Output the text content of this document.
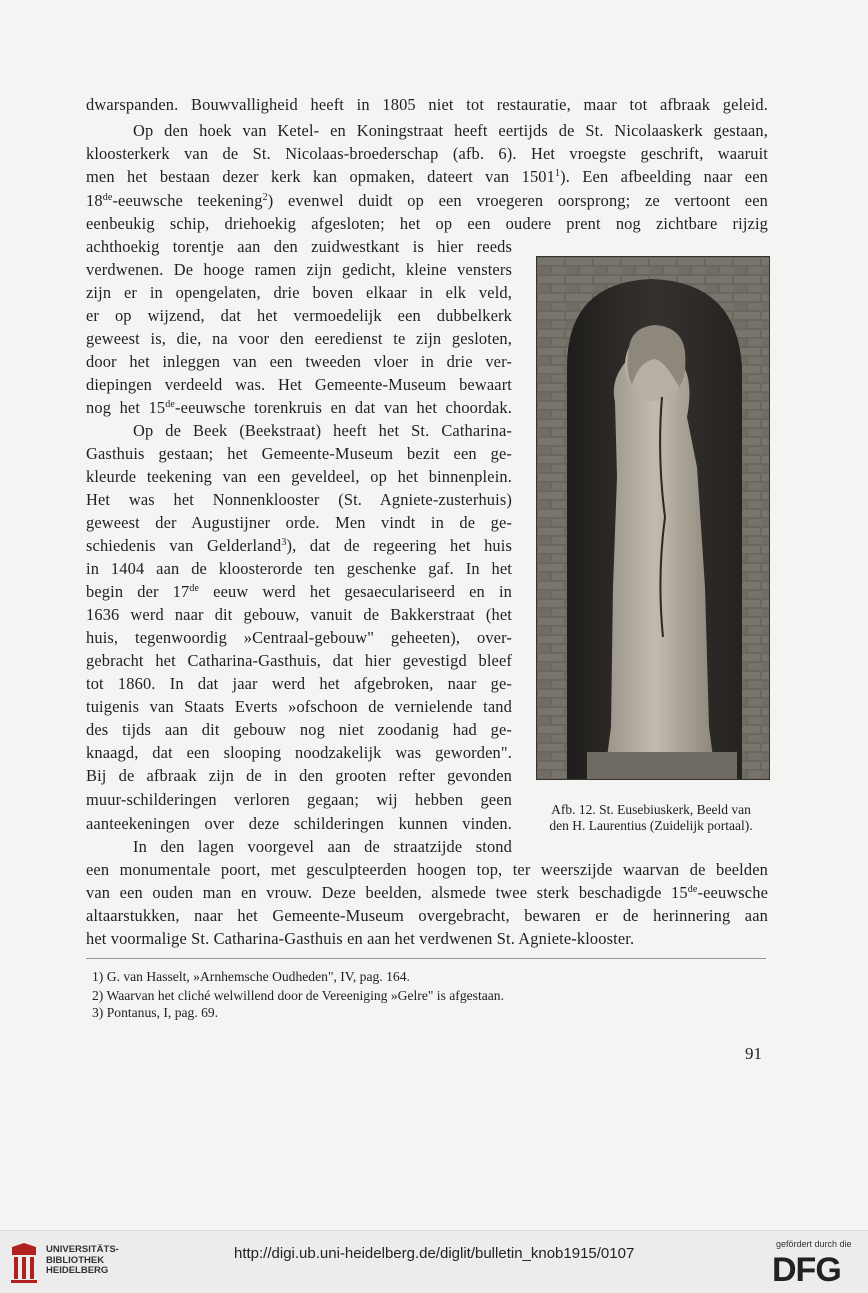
dwarspanden. Bouwvalligheid heeft in 1805 niet tot restauratie, maar tot afbraak geleid.
Op den hoek van Ketel- en Koningstraat heeft eertijds de St. Nicolaaskerk gestaan,
kloosterkerk van de St. Nicolaas-broederschap (afb. 6). Het vroegste geschrift, waaruit
men het bestaan dezer kerk kan opmaken, dateert van 1501$^1$). Een afbeelding naar een
18de-eeuwsche teekening$^2$) evenwel duidt op een vroegeren oorsprong; ze vertoont een
eenbeukig schip, driehoekig afgesloten; het op een oudere prent nog zichtbare rijzig
achthoekig torentje aan den zuidwestkant is hier reeds
verdwenen. De hooge ramen zijn gedicht, kleine vensters
zijn er in opengelaten, drie boven elkaar in elk veld,
er op wijzend, dat het vermoedelijk een dubbelkerk
geweest is, die, na voor den eeredienst te zijn gesloten,
door het inleggen van een tweeden vloer in drie ver-
diepingen verdeeld was. Het Gemeente-Museum bewaart
nog het 15de-eeuwsche torenkruis en dat van het choordak.
Op de Beek (Beekstraat) heeft het St. Catharina-
Gasthuis gestaan; het Gemeente-Museum bezit een ge-
kleurde teekening van een geveldeel, op het binnenplein.
Het was het Nonnenklooster (St. Agniete-zusterhuis)
geweest der Augustijner orde. Men vindt in de ge-
schiedenis van Gelderland$^3$), dat de regeering het huis
in 1404 aan de kloosterorde ten geschenke gaf. In het
begin der 17de eeuw werd het gesaeculariseerd en in
1636 werd naar dit gebouw, vanuit de Bakkerstraat (het
huis, tegenwoordig »Centraal-gebouw" geheeten), over-
gebracht het Catharina-Gasthuis, dat hier gevestigd bleef
tot 1860. In dat jaar werd het afgebroken, naar ge-
tuigenis van Staats Everts »ofschoon de vernielende tand
des tijds aan dit gebouw nog niet zoodanig had ge-
knaagd, dat een slooping noodzakelijk was geworden".
Bij de afbraak zijn de in den grooten refter gevonden
muur-schilderingen verloren gegaan; wij hebben geen
aanteekeningen over deze schilderingen kunnen vinden.
In den lagen voorgevel aan de straatzijde stond
een monumentale poort, met gesculpteerden hoogen top, ter weerszijde waarvan de beelden
van een ouden man en vrouw. Deze beelden, alsmede twee sterk beschadigde 15de-eeuwsche
altaarstukken, naar het Gemeente-Museum overgebracht, bewaren er de herinnering aan
het voormalige St. Catharina-Gasthuis en aan het verdwenen St. Agniete-klooster.
Afb. 12. St. Eusebiuskerk, Beeld van
den H. Laurentius (Zuidelijk portaal).
1) G. van Hasselt, »Arnhemsche Oudheden", IV, pag. 164.
2) Waarvan het cliché welwillend door de Vereeniging »Gelre" is afgestaan.
3) Pontanus, I, pag. 69.
91
UNIVERSITÄTS-
BIBLIOTHEK
HEIDELBERG
http://digi.ub.uni-heidelberg.de/diglit/bulletin_knob1915/0107
gefördert durch die
DFG
